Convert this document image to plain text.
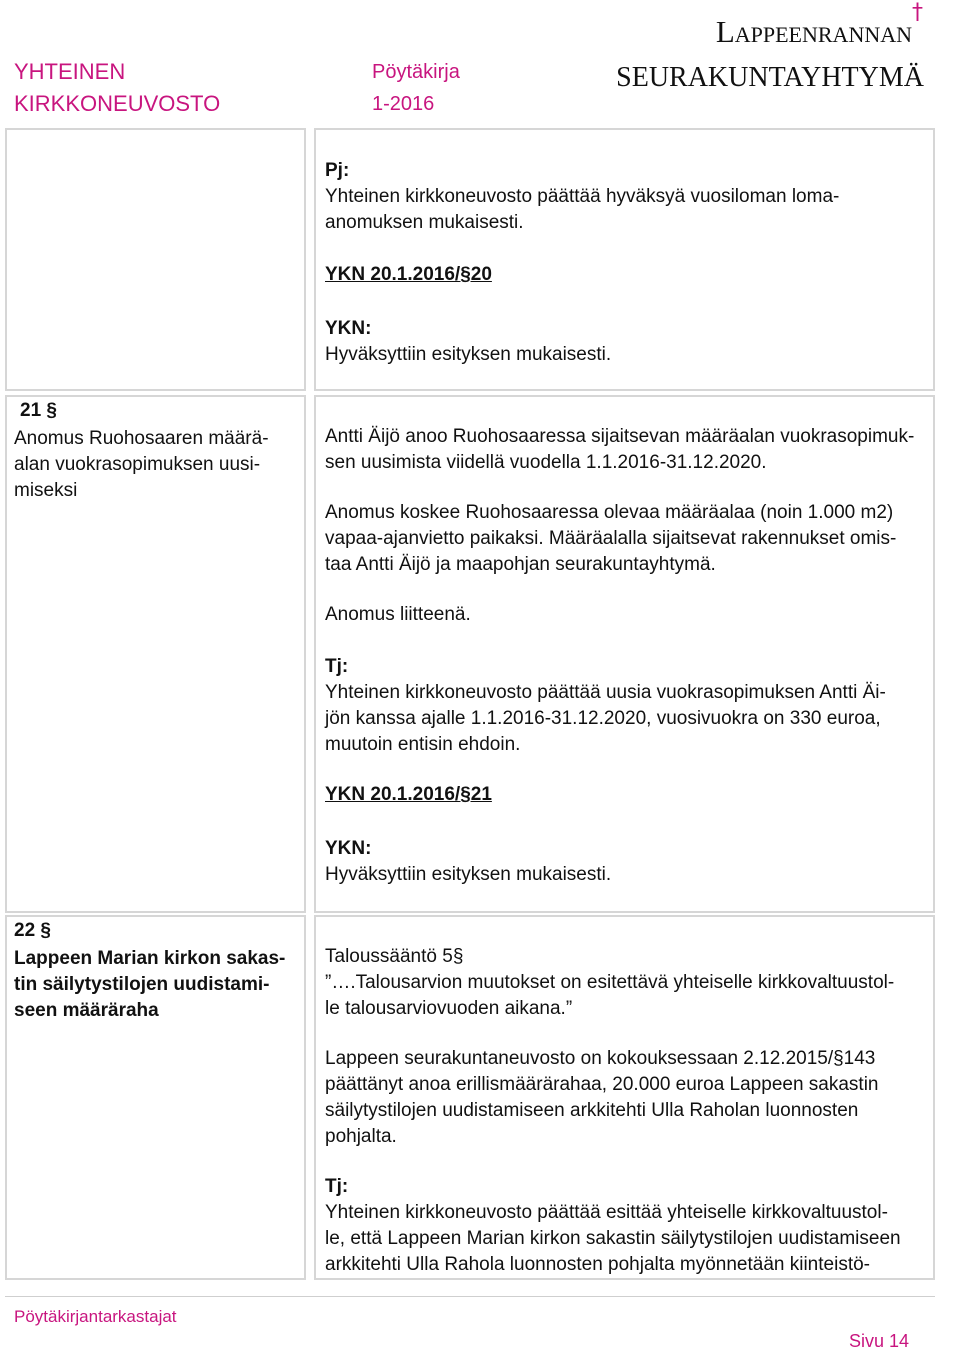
YHTEINEN
KIRKKONEUVOSTO
Pöytäkirja
1-2016
Lappeenrannan
†
SEURAKUNTAYHTYMÄ
Pj:
Yhteinen kirkkoneuvosto päättää hyväksyä vuosiloman loma-
anomuksen mukaisesti.
YKN 20.1.2016/§20
YKN:
Hyväksyttiin esityksen mukaisesti.
21 §
Anomus Ruohosaaren määrä-
alan vuokrasopimuksen uusi-
miseksi
Antti Äijö anoo Ruohosaaressa sijaitsevan määräalan vuokrasopimuk-
sen uusimista viidellä vuodella 1.1.2016-31.12.2020.
Anomus koskee Ruohosaaressa olevaa määräalaa (noin 1.000 m2)
vapaa-ajanvietto paikaksi. Määräalalla sijaitsevat rakennukset omis-
taa Antti Äijö ja maapohjan seurakuntayhtymä.
Anomus liitteenä.
Tj:
Yhteinen kirkkoneuvosto päättää uusia vuokrasopimuksen Antti Äi-
jön kanssa ajalle 1.1.2016-31.12.2020, vuosivuokra on 330 euroa,
muutoin entisin ehdoin.
YKN 20.1.2016/§21
YKN:
Hyväksyttiin esityksen mukaisesti.
22 §
Lappeen Marian kirkon sakas-
tin säilytystilojen uudistami-
seen määräraha
Taloussääntö 5§
”….Talousarvion muutokset on esitettävä yhteiselle kirkkovaltuustol-
le talousarviovuoden aikana.”
Lappeen seurakuntaneuvosto on kokouksessaan 2.12.2015/§143
päättänyt anoa erillismäärärahaa, 20.000 euroa Lappeen sakastin
säilytystilojen uudistamiseen arkkitehti Ulla Raholan luonnosten
pohjalta.
Tj:
Yhteinen kirkkoneuvosto päättää esittää yhteiselle kirkkovaltuustol-
le, että Lappeen Marian kirkon sakastin säilytystilojen uudistamiseen
arkkitehti Ulla Rahola luonnosten pohjalta myönnetään kiinteistö-
Pöytäkirjantarkastajat
Sivu 14
